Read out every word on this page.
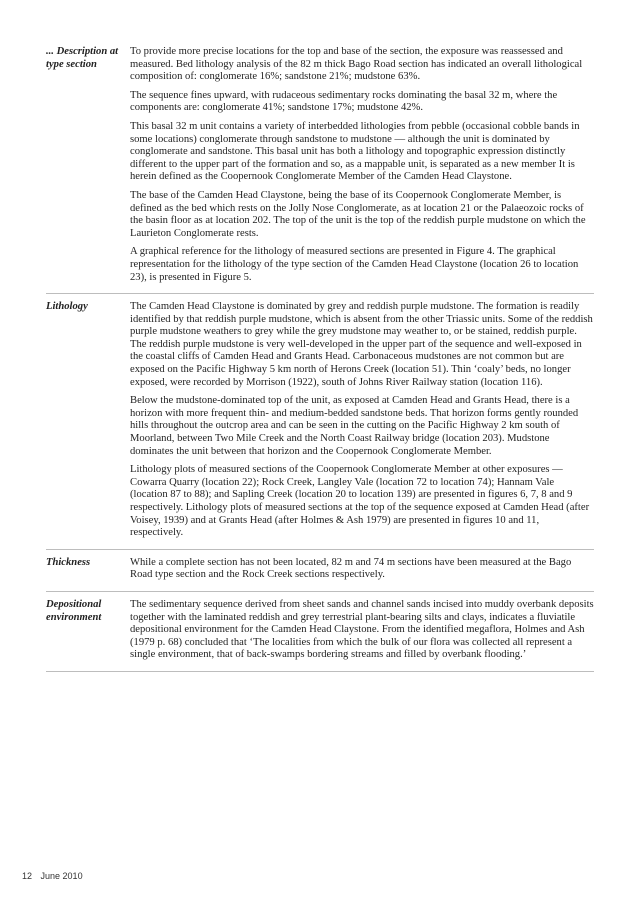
... Description at type section

To provide more precise locations for the top and base of the section, the exposure was reassessed and measured. Bed lithology analysis of the 82 m thick Bago Road section has indicated an overall lithological composition of: conglomerate 16%; sandstone 21%; mudstone 63%.

The sequence fines upward, with rudaceous sedimentary rocks dominating the basal 32 m, where the components are: conglomerate 41%; sandstone 17%; mudstone 42%.

This basal 32 m unit contains a variety of interbedded lithologies from pebble (occasional cobble bands in some locations) conglomerate through sandstone to mudstone — although the unit is dominated by conglomerate and sandstone. This basal unit has both a lithology and topographic expression distinctly different to the upper part of the formation and so, as a mappable unit, is separated as a new member It is herein defined as the Coopernook Conglomerate Member of the Camden Head Claystone.

The base of the Camden Head Claystone, being the base of its Coopernook Conglomerate Member, is defined as the bed which rests on the Jolly Nose Conglomerate, as at location 21 or the Palaeozoic rocks of the basin floor as at location 202. The top of the unit is the top of the reddish purple mudstone on which the Laurieton Conglomerate rests.

A graphical reference for the lithology of measured sections are presented in Figure 4. The graphical representation for the lithology of the type section of the Camden Head Claystone (location 26 to location 23), is presented in Figure 5.

Lithology	The Camden Head Claystone is dominated by grey and reddish purple mudstone. The formation is readily identified by that reddish purple mudstone, which is absent from the other Triassic units. Some of the reddish purple mudstone weathers to grey while the grey mudstone may weather to, or be stained, reddish purple. The reddish purple mudstone is very well-developed in the upper part of the sequence and well-exposed in the coastal cliffs of Camden Head and Grants Head. Carbonaceous mudstones are not common but are exposed on the Pacific Highway 5 km north of Herons Creek (location 51). Thin ‘coaly’ beds, no longer exposed, were recorded by Morrison (1922), south of Johns River Railway station (location 116).

Below the mudstone-dominated top of the unit, as exposed at Camden Head and Grants Head, there is a horizon with more frequent thin- and medium-bedded sandstone beds. That horizon forms gently rounded hills throughout the outcrop area and can be seen in the cutting on the Pacific Highway 2 km south of Moorland, between Two Mile Creek and the North Coast Railway bridge (location 203). Mudstone dominates the unit between that horizon and the Coopernook Conglomerate Member.

Lithology plots of measured sections of the Coopernook Conglomerate Member at other exposures — Cowarra Quarry (location 22); Rock Creek, Langley Vale (location 72 to location 74); Hannam Vale (location 87 to 88); and Sapling Creek (location 20 to location 139) are presented in figures 6, 7, 8 and 9 respectively. Lithology plots of measured sections at the top of the sequence exposed at Camden Head (after Voisey, 1939) and at Grants Head (after Holmes & Ash 1979) are presented in figures 10 and 11, respectively.

Thickness	While a complete section has not been located, 82 m and 74 m sections have been measured at the Bago Road type section and the Rock Creek sections respectively.

Depositional environment

The sedimentary sequence derived from sheet sands and channel sands incised into muddy overbank deposits together with the laminated reddish and grey terrestrial plant-bearing silts and clays, indicates a fluviatile depositional environment for the Camden Head Claystone. From the identified megaflora, Holmes and Ash (1979 p. 68) concluded that ‘The localities from which the bulk of our flora was collected all represent a single environment, that of back-swamps bordering streams and filled by overbank flooding.’

12 June 2010
